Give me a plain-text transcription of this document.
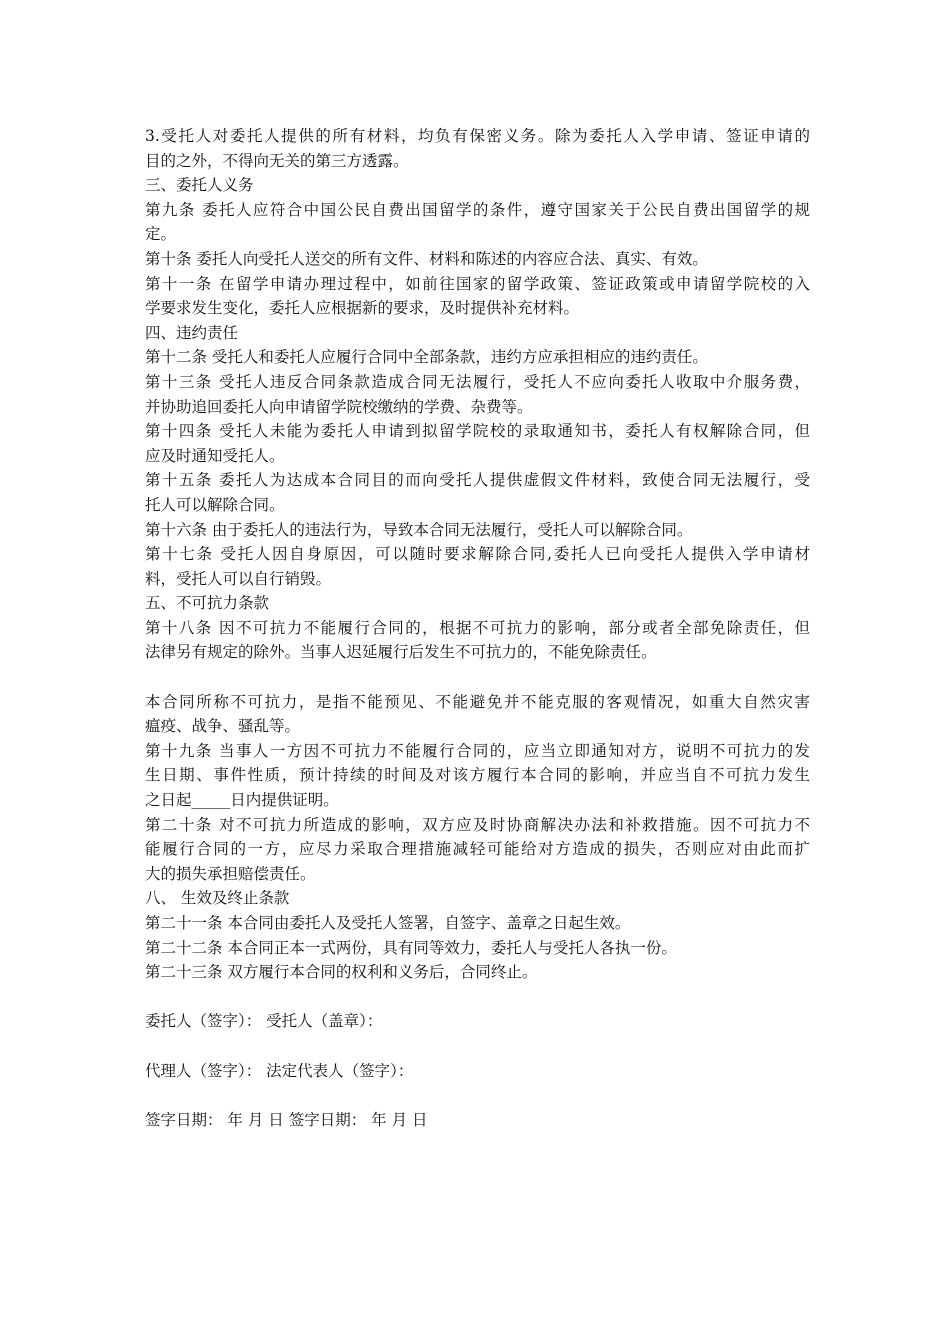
3.受托人对委托人提供的所有材料，均负有保密义务。除为委托人入学申请、签证申请的
目的之外，不得向无关的第三方透露。
三、委托人义务
第九条 委托人应符合中国公民自费出国留学的条件，遵守国家关于公民自费出国留学的规
定。
第十条 委托人向受托人送交的所有文件、材料和陈述的内容应合法、真实、有效。
第十一条 在留学申请办理过程中，如前往国家的留学政策、签证政策或申请留学院校的入
学要求发生变化，委托人应根据新的要求，及时提供补充材料。
四、违约责任
第十二条 受托人和委托人应履行合同中全部条款，违约方应承担相应的违约责任。
第十三条 受托人违反合同条款造成合同无法履行，受托人不应向委托人收取中介服务费，
并协助追回委托人向申请留学院校缴纳的学费、杂费等。
第十四条 受托人未能为委托人申请到拟留学院校的录取通知书，委托人有权解除合同，但
应及时通知受托人。
第十五条 委托人为达成本合同目的而向受托人提供虚假文件材料，致使合同无法履行，受
托人可以解除合同。
第十六条 由于委托人的违法行为，导致本合同无法履行，受托人可以解除合同。
第十七条 受托人因自身原因，可以随时要求解除合同,委托人已向受托人提供入学申请材
料，受托人可以自行销毁。
五、不可抗力条款
第十八条 因不可抗力不能履行合同的，根据不可抗力的影响，部分或者全部免除责任，但
法律另有规定的除外。当事人迟延履行后发生不可抗力的，不能免除责任。
本合同所称不可抗力，是指不能预见、不能避免并不能克服的客观情况，如重大自然灾害
瘟疫、战争、骚乱等。
第十九条 当事人一方因不可抗力不能履行合同的，应当立即通知对方，说明不可抗力的发
生日期、事件性质，预计持续的时间及对该方履行本合同的影响，并应当自不可抗力发生
之日起_____日内提供证明。
第二十条 对不可抗力所造成的影响，双方应及时协商解决办法和补救措施。因不可抗力不
能履行合同的一方，应尽力采取合理措施减轻可能给对方造成的损失，否则应对由此而扩
大的损失承担赔偿责任。
八、 生效及终止条款
第二十一条 本合同由委托人及受托人签署，自签字、盖章之日起生效。
第二十二条 本合同正本一式两份，具有同等效力，委托人与受托人各执一份。
第二十三条 双方履行本合同的权利和义务后，合同终止。
委托人（签字）： 受托人（盖章）：
代理人（签字）： 法定代表人（签字）：
签字日期： 年 月 日 签字日期： 年 月 日
